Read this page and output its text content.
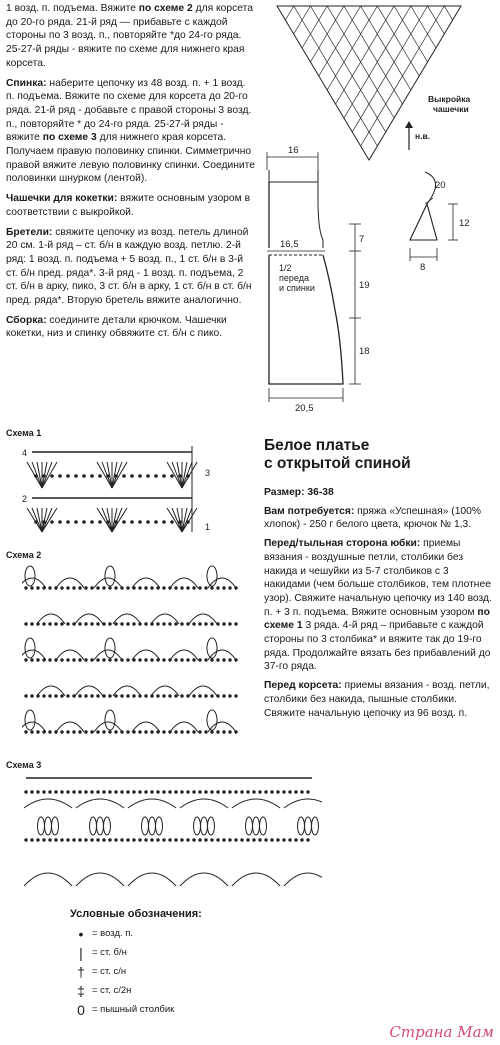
1 возд. п. подъема. Вяжите по схеме 2 для корсета до 20-го ряда. 21-й ряд — прибавьте с каждой стороны по 3 возд. п., повторяйте *до 24-го ряда. 25-27-й ряды - вяжите по схеме для нижнего края корсета.

Спинка: наберите цепочку из 48 возд. п. + 1 возд. п. подъема. Вяжите по схеме для корсета до 20-го ряда. 21-й ряд - добавьте с правой стороны 3 возд. п., повторяйте * до 24-го ряда. 25-27-й ряды - вяжите по схеме 3 для нижнего края корсета. Получаем правую половинку спинки. Симметрично правой вяжите левую половинку спинки. Соедините половинки шнурком (лентой).

Чашечки для кокетки: вяжите основным узором в соответствии с выкройкой.

Бретели: свяжите цепочку из возд. петель длиной 20 см. 1-й ряд – ст. б/н в каждую возд. петлю. 2-й ряд: 1 возд. п. подъема + 5 возд. п., 1 ст. б/н в 3-й ст. б/н пред. ряда*. 3-й ряд - 1 возд. п. подъема, 2 ст. б/н в арку, пико, 3 ст. б/н в арку, 1 ст. б/н в ст. б/н пред. ряда*. Вторую бретель вяжите аналогично.

Сборка: соедините детали крючком. Чашечки кокетки, низ и спинку обвяжите ст. б/н с пико.

Выкройка
чашечки
н.в.
16
16,5
1/2
переда
и спинки
20,5
7
19
18
20
12
8
Схема 1
Схема 2
Схема 3
4
3
2
1
Белое платье
с открытой спиной

Размер: 36-38

Вам потребуется: пряжа «Успешная» (100% хлопок) - 250 г белого цвета, крючок № 1,3.

Перед/тыльная сторона юбки: приемы вязания - воздушные петли, столбики без накида и чешуйки из 5-7 столбиков с 3 накидами (чем больше столбиков, тем плотнее узор). Свяжите начальную цепочку из 140 возд. п. + 3 п. подъема. Вяжите основным узором по схеме 1 3 ряда. 4-й ряд – прибавьте с каждой стороны по 3 столбика* и вяжите так до 19-го ряда. Продолжайте вязать без прибавлений до 37-го ряда.

Перед корсета: приемы вязания - возд. петли, столбики без накида, пышные столбики. Свяжите начальную цепочку из 96 возд. п.

Условные обозначения:
• = возд. п.
| = ст. б/н
† = ст. с/н
‡ = ст. с/2н
0 = пышный столбик
Страна Мам
